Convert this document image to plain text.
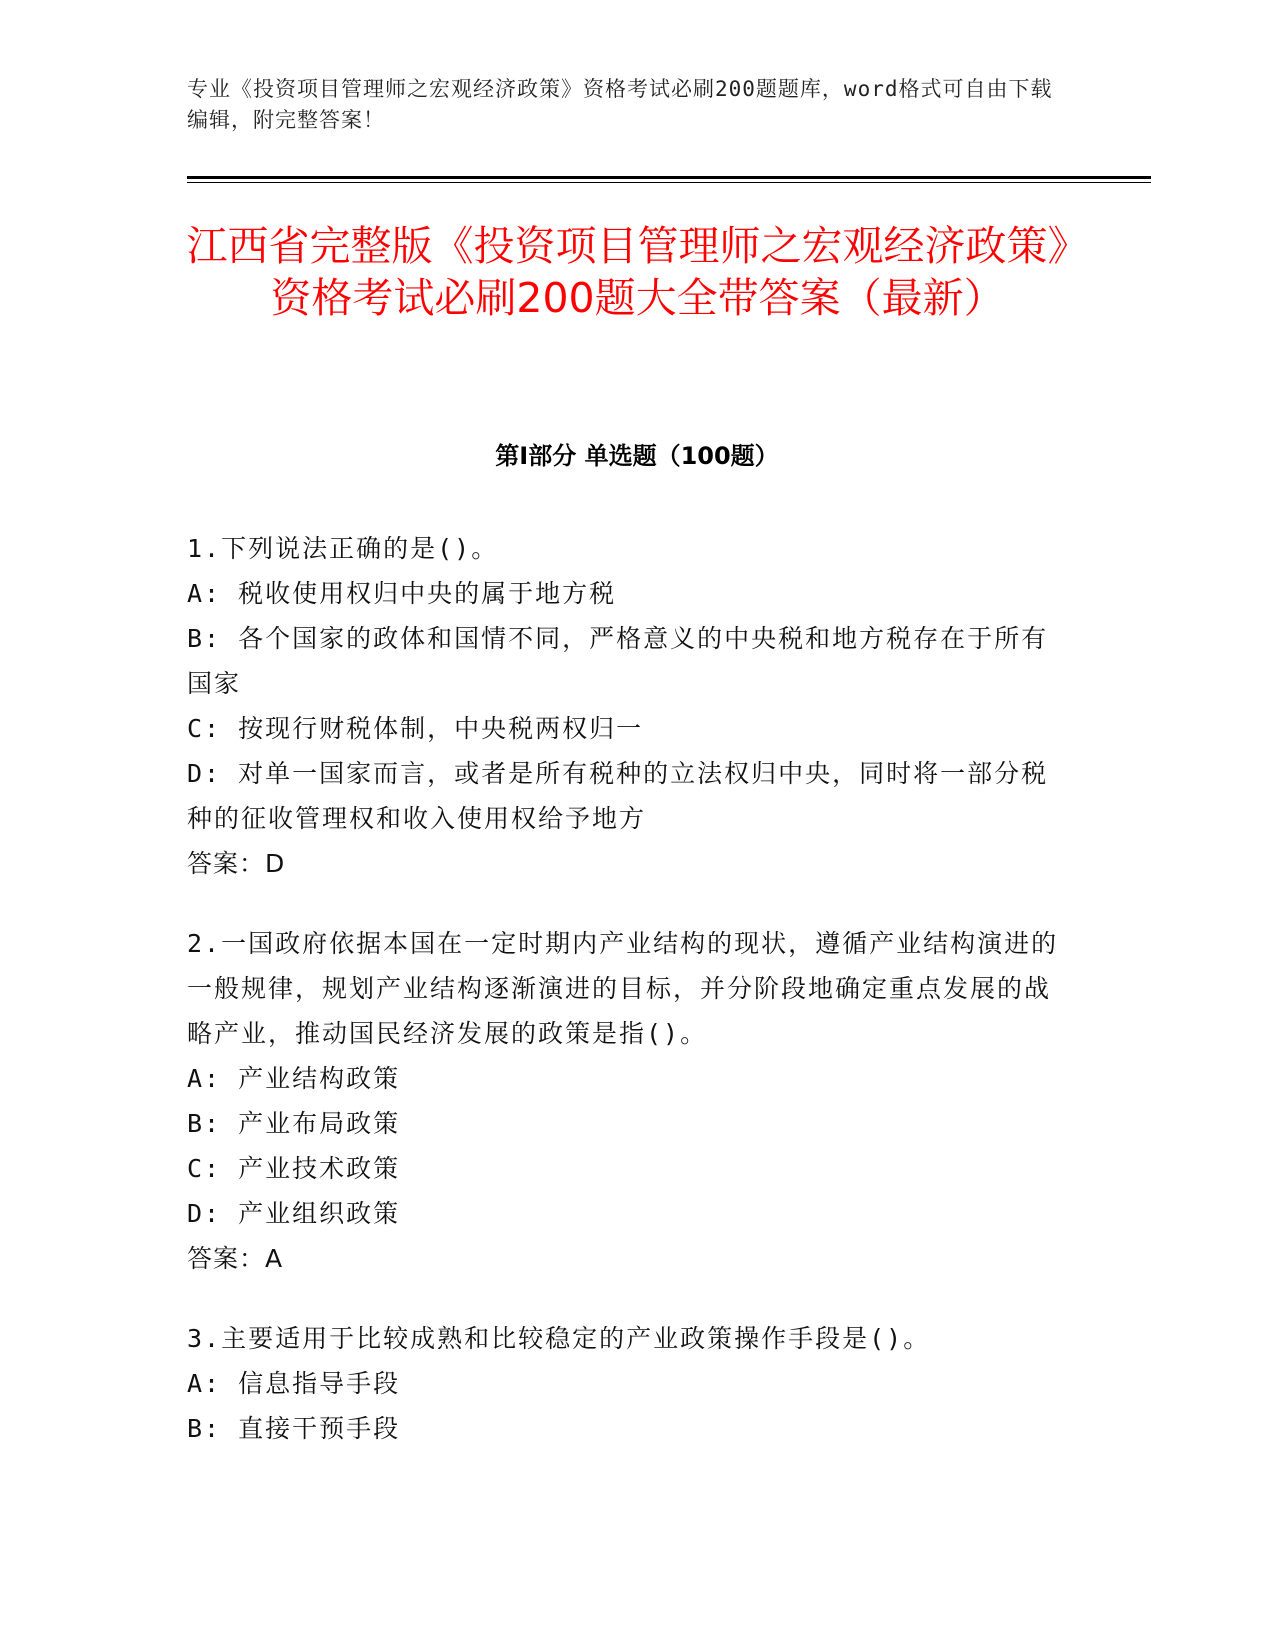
专业《投资项目管理师之宏观经济政策》资格考试必刷200题题库，word格式可自由下载编辑，附完整答案！
江西省完整版《投资项目管理师之宏观经济政策》资格考试必刷200题大全带答案（最新）
第Ⅰ部分 单选题（100题）
1.下列说法正确的是()。
A: 税收使用权归中央的属于地方税
B: 各个国家的政体和国情不同，严格意义的中央税和地方税存在于所有国家
C: 按现行财税体制，中央税两权归一
D: 对单一国家而言，或者是所有税种的立法权归中央，同时将一部分税种的征收管理权和收入使用权给予地方
答案：D
2.一国政府依据本国在一定时期内产业结构的现状，遵循产业结构演进的一般规律，规划产业结构逐渐演进的目标，并分阶段地确定重点发展的战略产业，推动国民经济发展的政策是指()。
A: 产业结构政策
B: 产业布局政策
C: 产业技术政策
D: 产业组织政策
答案：A
3.主要适用于比较成熟和比较稳定的产业政策操作手段是()。
A: 信息指导手段
B: 直接干预手段
